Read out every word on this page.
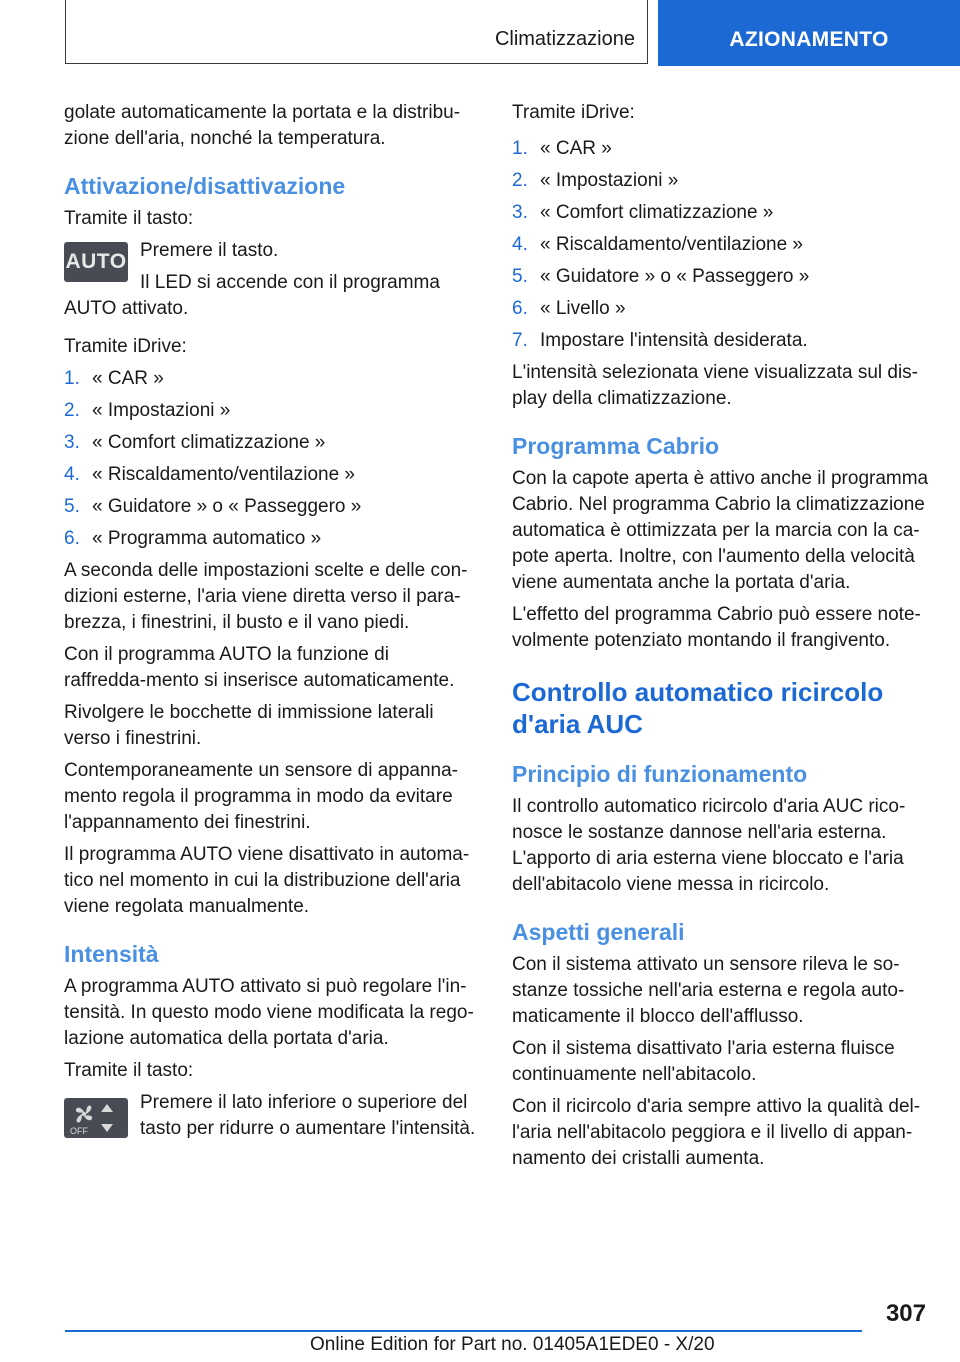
Climatizzazione	AZIONAMENTO

golate automaticamente la portata e la distribu-zione dell'aria, nonché la temperatura.

Attivazione/disattivazione

Tramite il tasto:

AUTO Premere il tasto.

Il LED si accende con il programma AUTO attivato.

Tramite iDrive:

1. « CAR »
2. « Impostazioni »
3. « Comfort climatizzazione »
4. « Riscaldamento/ventilazione »
5. « Guidatore » o « Passeggero »
6. « Programma automatico »

A seconda delle impostazioni scelte e delle con-dizioni esterne, l'aria viene diretta verso il para-brezza, i finestrini, il busto e il vano piedi.

Con il programma AUTO la funzione di raffredda-mento si inserisce automaticamente.

Rivolgere le bocchette di immissione laterali verso i finestrini.

Contemporaneamente un sensore di appanna-mento regola il programma in modo da evitare l'appannamento dei finestrini.

Il programma AUTO viene disattivato in automa-tico nel momento in cui la distribuzione dell'aria viene regolata manualmente.

Intensità

A programma AUTO attivato si può regolare l'in-tensità. In questo modo viene modificata la rego-lazione automatica della portata d'aria.

Tramite il tasto:

OFF

Premere il lato inferiore o superiore del tasto per ridurre o aumentare l'intensità.

Tramite iDrive:

1. « CAR »
2. « Impostazioni »
3. « Comfort climatizzazione »
4. « Riscaldamento/ventilazione »
5. « Guidatore » o « Passeggero »
6. « Livello »
7. Impostare l'intensità desiderata.

L'intensità selezionata viene visualizzata sul dis-play della climatizzazione.

Programma Cabrio

Con la capote aperta è attivo anche il programma Cabrio. Nel programma Cabrio la climatizzazione automatica è ottimizzata per la marcia con la ca-pote aperta. Inoltre, con l'aumento della velocità viene aumentata anche la portata d'aria.

L'effetto del programma Cabrio può essere note-volmente potenziato montando il frangivento.

Controllo automatico ricircolo d'aria AUC
Principio di funzionamento

Il controllo automatico ricircolo d'aria AUC rico-nosce le sostanze dannose nell'aria esterna. L'apporto di aria esterna viene bloccato e l'aria dell'abitacolo viene messa in ricircolo.

Aspetti generali

Con il sistema attivato un sensore rileva le so-stanze tossiche nell'aria esterna e regola auto-maticamente il blocco dell'afflusso.

Con il sistema disattivato l'aria esterna fluisce continuamente nell'abitacolo.

Con il ricircolo d'aria sempre attivo la qualità del-l'aria nell'abitacolo peggiora e il livello di appan-namento dei cristalli aumenta.

307
Online Edition for Part no. 01405A1EDE0 - X/20
